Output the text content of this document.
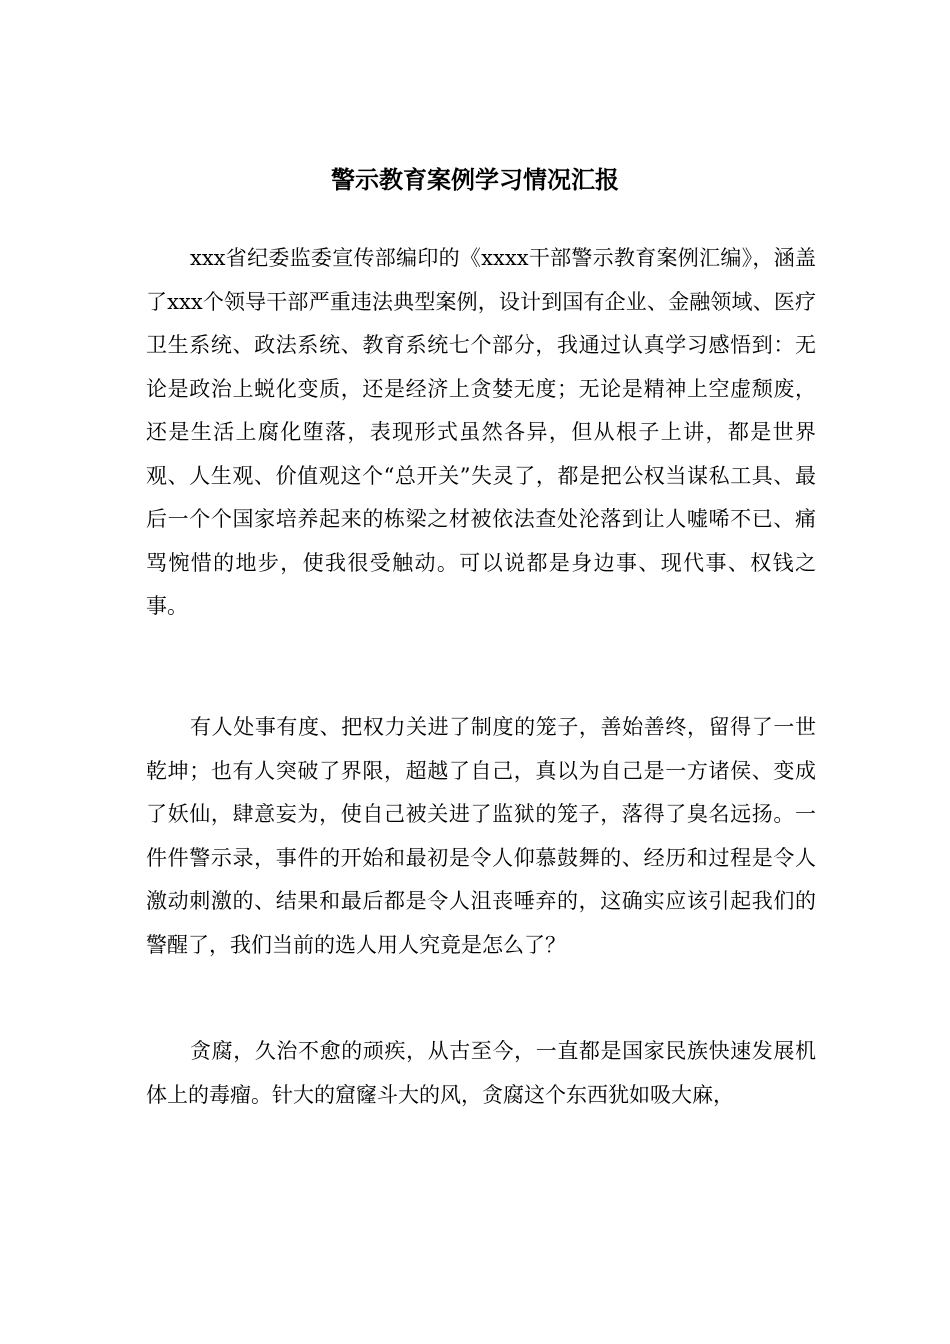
警示教育案例学习情况汇报

xxx省纪委监委宣传部编印的《xxxx干部警示教育案例汇编》，涵盖了xxx个领导干部严重违法典型案例，设计到国有企业、金融领域、医疗卫生系统、政法系统、教育系统七个部分，我通过认真学习感悟到：无论是政治上蜕化变质，还是经济上贪婪无度；无论是精神上空虚颓废，还是生活上腐化堕落，表现形式虽然各异，但从根子上讲，都是世界观、人生观、价值观这个“总开关”失灵了，都是把公权当谋私工具、最后一个个国家培养起来的栋梁之材被依法查处沦落到让人嘘唏不已、痛骂惋惜的地步，使我很受触动。可以说都是身边事、现代事、权钱之事。

有人处事有度、把权力关进了制度的笼子，善始善终，留得了一世乾坤；也有人突破了界限，超越了自己，真以为自己是一方诸侯、变成了妖仙，肆意妄为，使自己被关进了监狱的笼子，落得了臭名远扬。一件件警示录，事件的开始和最初是令人仰慕鼓舞的、经历和过程是令人激动刺激的、结果和最后都是令人沮丧唾弃的，这确实应该引起我们的警醒了，我们当前的选人用人究竟是怎么了？

贪腐，久治不愈的顽疾，从古至今，一直都是国家民族快速发展机体上的毒瘤。针大的窟窿斗大的风，贪腐这个东西犹如吸大麻，
